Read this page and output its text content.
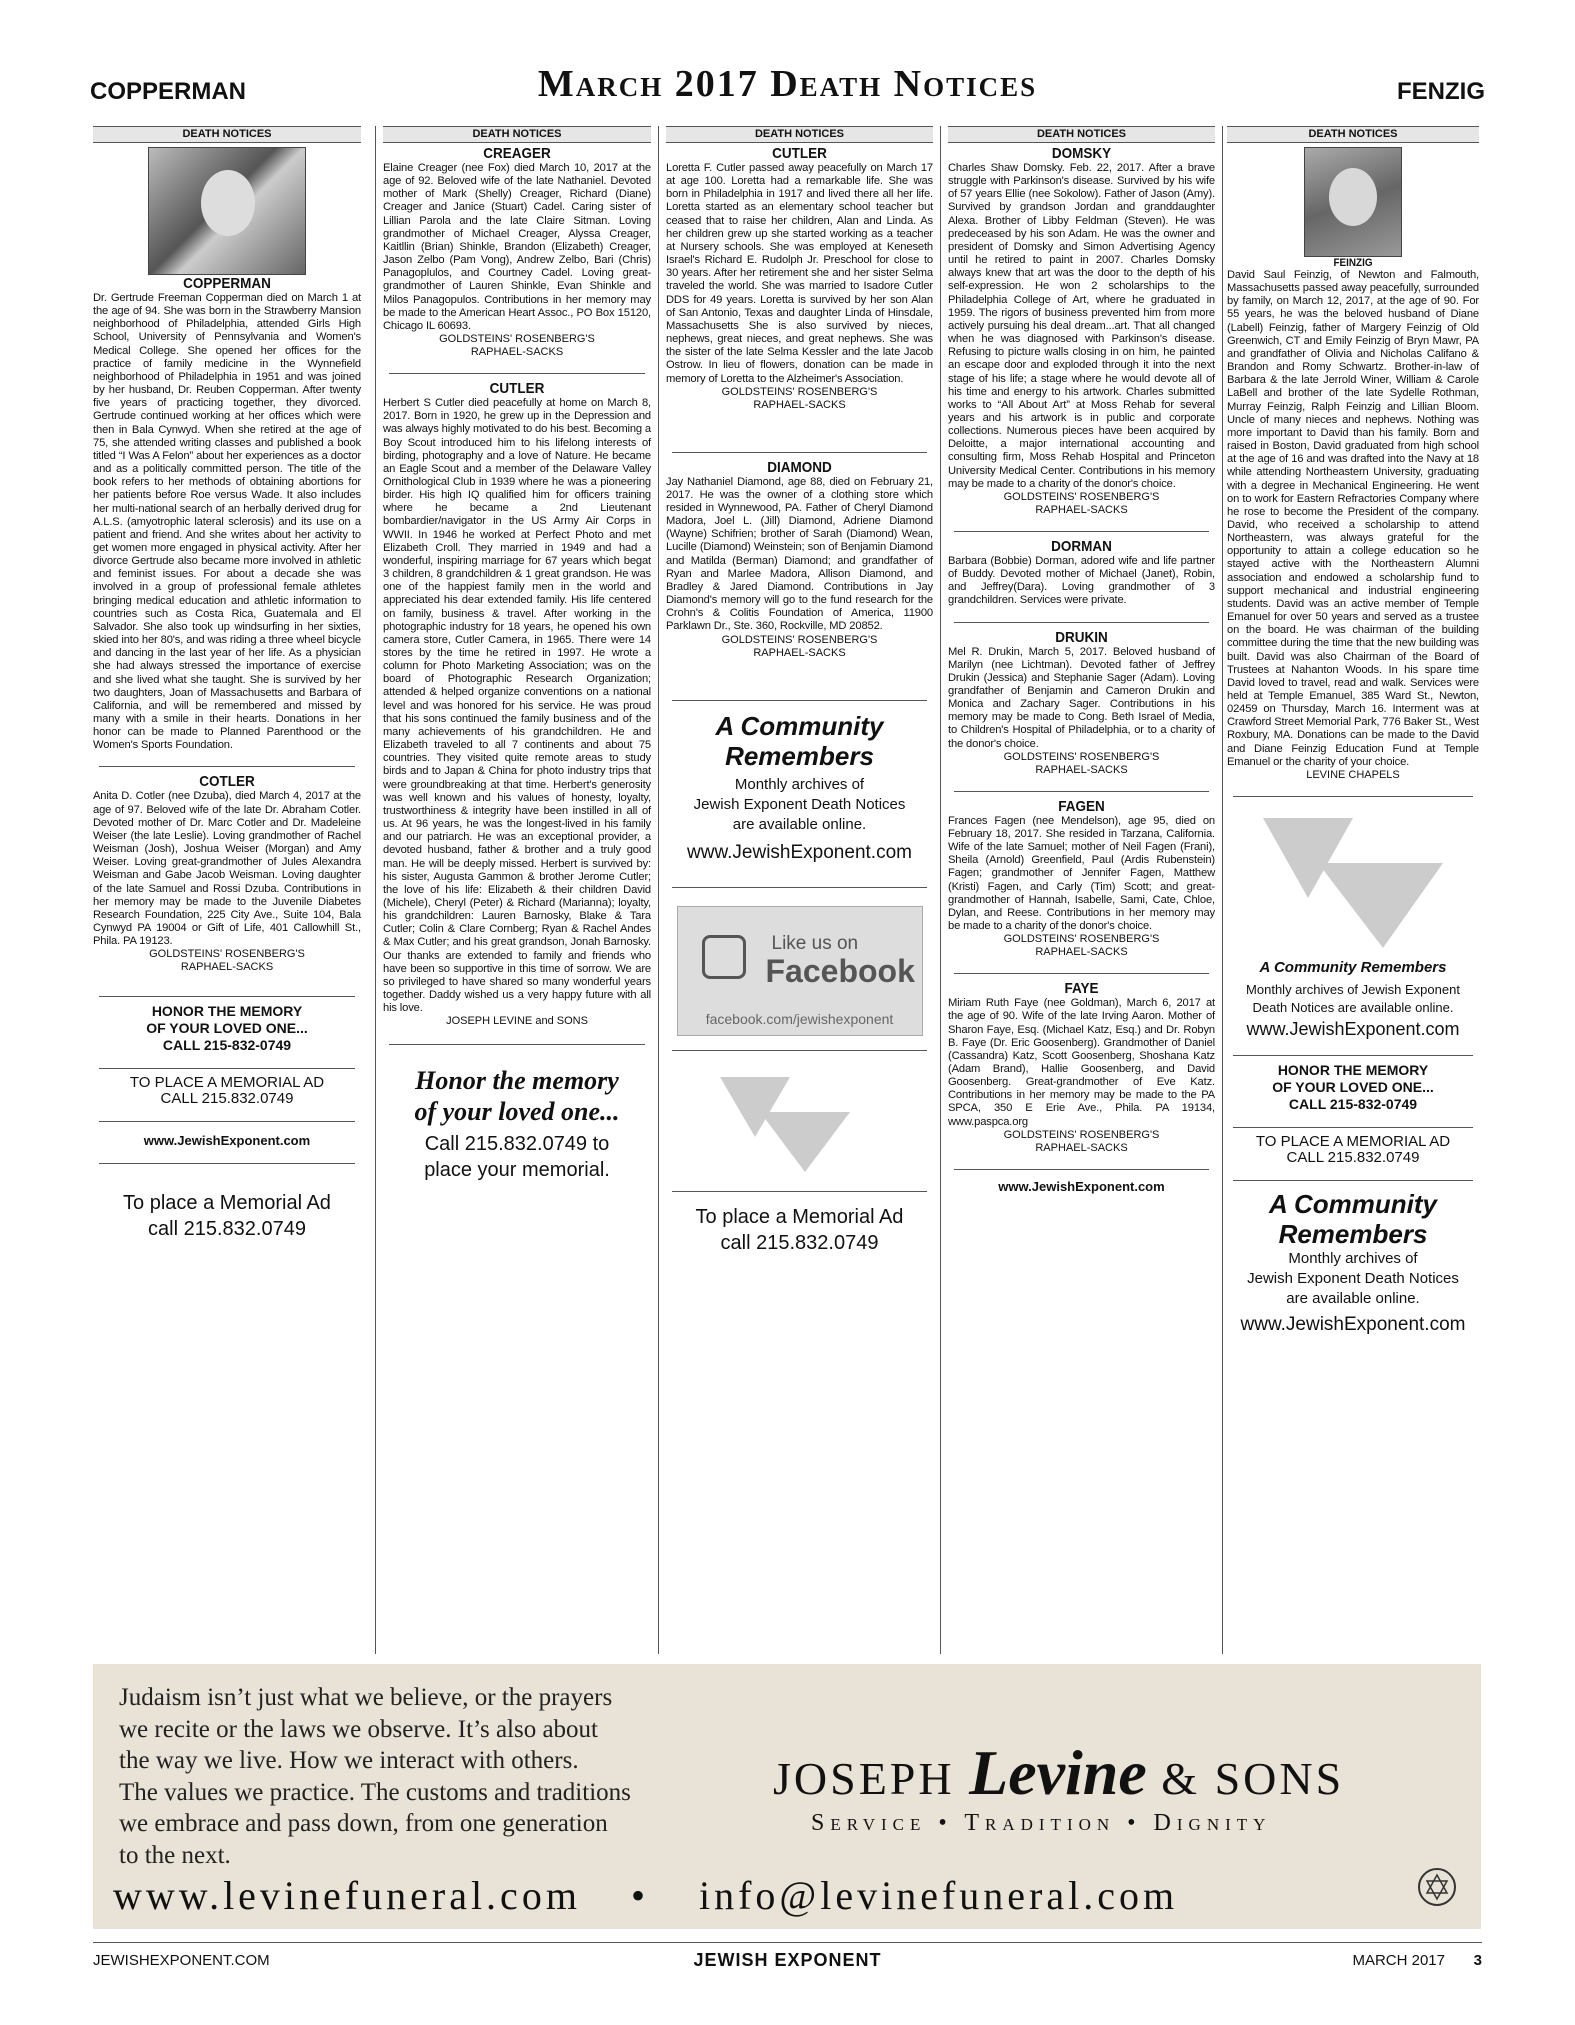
COPPERMAN	March 2017 Death Notices	FENZIG
DEATH NOTICES
COPPERMAN
Dr. Gertrude Freeman Copperman died on March 1 at the age of 94. She was born in the Strawberry Mansion neighborhood of Philadelphia, attended Girls High School, University of Pennsylvania and Women's Medical College. She opened her offices for the practice of family medicine in the Wynnefield neighborhood of Philadelphia in 1951 and was joined by her husband, Dr. Reuben Copperman. After twenty five years of practicing together, they divorced. Gertrude continued working at her offices which were then in Bala Cynwyd. When she retired at the age of 75, she attended writing classes and published a book titled “I Was A Felon” about her experiences as a doctor and as a politically committed person. The title of the book refers to her methods of obtaining abortions for her patients before Roe versus Wade. It also includes her multi-national search of an herbally derived drug for A.L.S. (amyotrophic lateral sclerosis) and its use on a patient and friend. And she writes about her activity to get women more engaged in physical activity. After her divorce Gertrude also became more involved in athletic and feminist issues. For about a decade she was involved in a group of professional female athletes bringing medical education and athletic information to countries such as Costa Rica, Guatemala and El Salvador. She also took up windsurfing in her sixties, skied into her 80's, and was riding a three wheel bicycle and dancing in the last year of her life. As a physician she had always stressed the importance of exercise and she lived what she taught. She is survived by her two daughters, Joan of Massachusetts and Barbara of California, and will be remembered and missed by many with a smile in their hearts. Donations in her honor can be made to Planned Parenthood or the Women's Sports Foundation.
COTLER
Anita D. Cotler (nee Dzuba), died March 4, 2017 at the age of 97. Beloved wife of the late Dr. Abraham Cotler. Devoted mother of Dr. Marc Cotler and Dr. Madeleine Weiser (the late Leslie). Loving grandmother of Rachel Weisman (Josh), Joshua Weiser (Morgan) and Amy Weiser. Loving great-grandmother of Jules Alexandra Weisman and Gabe Jacob Weisman. Loving daughter of the late Samuel and Rossi Dzuba. Contributions in her memory may be made to the Juvenile Diabetes Research Foundation, 225 City Ave., Suite 104, Bala Cynwyd PA 19004 or Gift of Life, 401 Callowhill St., Phila. PA 19123.
GOLDSTEINS' ROSENBERG'S
RAPHAEL-SACKS
HONOR THE MEMORY
OF YOUR LOVED ONE...
CALL 215-832-0749
TO PLACE A MEMORIAL AD
CALL 215.832.0749
www.JewishExponent.com
To place a Memorial Ad
call 215.832.0749
DEATH NOTICES
CREAGER
Elaine Creager (nee Fox) died March 10, 2017 at the age of 92. Beloved wife of the late Nathaniel. Devoted mother of Mark (Shelly) Creager, Richard (Diane) Creager and Janice (Stuart) Cadel. Caring sister of Lillian Parola and the late Claire Sitman. Loving grandmother of Michael Creager, Alyssa Creager, Kaitllin (Brian) Shinkle, Brandon (Elizabeth) Creager, Jason Zelbo (Pam Vong), Andrew Zelbo, Bari (Chris) Panagoplulos, and Courtney Cadel. Loving great-grandmother of Lauren Shinkle, Evan Shinkle and Milos Panagopulos. Contributions in her memory may be made to the American Heart Assoc., PO Box 15120, Chicago IL 60693.
GOLDSTEINS' ROSENBERG'S
RAPHAEL-SACKS
CUTLER
Herbert S Cutler died peacefully at home on March 8, 2017. Born in 1920, he grew up in the Depression and was always highly motivated to do his best. Becoming a Boy Scout introduced him to his lifelong interests of birding, photography and a love of Nature. He became an Eagle Scout and a member of the Delaware Valley Ornithological Club in 1939 where he was a pioneering birder. His high IQ qualified him for officers training where he became a 2nd Lieutenant bombardier/navigator in the US Army Air Corps in WWII. In 1946 he worked at Perfect Photo and met Elizabeth Croll. They married in 1949 and had a wonderful, inspiring marriage for 67 years which begat 3 children, 8 grandchildren & 1 great grandson. He was one of the happiest family men in the world and appreciated his dear extended family. His life centered on family, business & travel. After working in the photographic industry for 18 years, he opened his own camera store, Cutler Camera, in 1965. There were 14 stores by the time he retired in 1997. He wrote a column for Photo Marketing Association; was on the board of Photographic Research Organization; attended & helped organize conventions on a national level and was honored for his service. He was proud that his sons continued the family business and of the many achievements of his grandchildren. He and Elizabeth traveled to all 7 continents and about 75 countries. They visited quite remote areas to study birds and to Japan & China for photo industry trips that were groundbreaking at that time. Herbert's generosity was well known and his values of honesty, loyalty, trustworthiness & integrity have been instilled in all of us. At 96 years, he was the longest-lived in his family and our patriarch. He was an exceptional provider, a devoted husband, father & brother and a truly good man. He will be deeply missed. Herbert is survived by: his sister, Augusta Gammon & brother Jerome Cutler; the love of his life: Elizabeth & their children David (Michele), Cheryl (Peter) & Richard (Marianna); loyalty, his grandchildren: Lauren Barnosky, Blake & Tara Cutler; Colin & Clare Cornberg; Ryan & Rachel Andes & Max Cutler; and his great grandson, Jonah Barnosky. Our thanks are extended to family and friends who have been so supportive in this time of sorrow. We are so privileged to have shared so many wonderful years together. Daddy wished us a very happy future with all his love.
JOSEPH LEVINE and SONS
Honor the memory
of your loved one...
Call 215.832.0749 to
place your memorial.
DEATH NOTICES
CUTLER
Loretta F. Cutler passed away peacefully on March 17 at age 100. Loretta had a remarkable life. She was born in Philadelphia in 1917 and lived there all her life. Loretta started as an elementary school teacher but ceased that to raise her children, Alan and Linda. As her children grew up she started working as a teacher at Nursery schools. She was employed at Keneseth Israel's Richard E. Rudolph Jr. Preschool for close to 30 years. After her retirement she and her sister Selma traveled the world. She was married to Isadore Cutler DDS for 49 years. Loretta is survived by her son Alan of San Antonio, Texas and daughter Linda of Hinsdale, Massachusetts She is also survived by nieces, nephews, great nieces, and great nephews. She was the sister of the late Selma Kessler and the late Jacob Ostrow. In lieu of flowers, donation can be made in memory of Loretta to the Alzheimer's Association.
GOLDSTEINS' ROSENBERG'S
RAPHAEL-SACKS
DIAMOND
Jay Nathaniel Diamond, age 88, died on February 21, 2017. He was the owner of a clothing store which resided in Wynnewood, PA. Father of Cheryl Diamond Madora, Joel L. (Jill) Diamond, Adriene Diamond (Wayne) Schifrien; brother of Sarah (Diamond) Wean, Lucille (Diamond) Weinstein; son of Benjamin Diamond and Matilda (Berman) Diamond; and grandfather of Ryan and Marlee Madora, Allison Diamond, and Bradley & Jared Diamond. Contributions in Jay Diamond's memory will go to the fund research for the Crohn's & Colitis Foundation of America, 11900 Parklawn Dr., Ste. 360, Rockville, MD 20852.
GOLDSTEINS' ROSENBERG'S
RAPHAEL-SACKS
A Community
Remembers
Monthly archives of
Jewish Exponent Death Notices
are available online.
www.JewishExponent.com
Like us on
Facebook
facebook.com/jewishexponent
To place a Memorial Ad
call 215.832.0749
DEATH NOTICES
DOMSKY
Charles Shaw Domsky. Feb. 22, 2017. After a brave struggle with Parkinson's disease. Survived by his wife of 57 years Ellie (nee Sokolow). Father of Jason (Amy). Survived by grandson Jordan and granddaughter Alexa. Brother of Libby Feldman (Steven). He was predeceased by his son Adam. He was the owner and president of Domsky and Simon Advertising Agency until he retired to paint in 2007. Charles Domsky always knew that art was the door to the depth of his self-expression. He won 2 scholarships to the Philadelphia College of Art, where he graduated in 1959. The rigors of business prevented him from more actively pursuing his deal dream...art. That all changed when he was diagnosed with Parkinson's disease. Refusing to picture walls closing in on him, he painted an escape door and exploded through it into the next stage of his life; a stage where he would devote all of his time and energy to his artwork. Charles submitted works to “All About Art” at Moss Rehab for several years and his artwork is in public and corporate collections. Numerous pieces have been acquired by Deloitte, a major international accounting and consulting firm, Moss Rehab Hospital and Princeton University Medical Center. Contributions in his memory may be made to a charity of the donor's choice.
GOLDSTEINS' ROSENBERG'S
RAPHAEL-SACKS
DORMAN
Barbara (Bobbie) Dorman, adored wife and life partner of Buddy. Devoted mother of Michael (Janet), Robin, and Jeffrey(Dara). Loving grandmother of 3 grandchildren. Services were private.
DRUKIN
Mel R. Drukin, March 5, 2017. Beloved husband of Marilyn (nee Lichtman). Devoted father of Jeffrey Drukin (Jessica) and Stephanie Sager (Adam). Loving grandfather of Benjamin and Cameron Drukin and Monica and Zachary Sager. Contributions in his memory may be made to Cong. Beth Israel of Media, to Children's Hospital of Philadelphia, or to a charity of the donor's choice.
GOLDSTEINS' ROSENBERG'S
RAPHAEL-SACKS
FAGEN
Frances Fagen (nee Mendelson), age 95, died on February 18, 2017. She resided in Tarzana, California. Wife of the late Samuel; mother of Neil Fagen (Frani), Sheila (Arnold) Greenfield, Paul (Ardis Rubenstein) Fagen; grandmother of Jennifer Fagen, Matthew (Kristi) Fagen, and Carly (Tim) Scott; and great-grandmother of Hannah, Isabelle, Sami, Cate, Chloe, Dylan, and Reese. Contributions in her memory may be made to a charity of the donor's choice.
GOLDSTEINS' ROSENBERG'S
RAPHAEL-SACKS
FAYE
Miriam Ruth Faye (nee Goldman), March 6, 2017 at the age of 90. Wife of the late Irving Aaron. Mother of Sharon Faye, Esq. (Michael Katz, Esq.) and Dr. Robyn B. Faye (Dr. Eric Goosenberg). Grandmother of Daniel (Cassandra) Katz, Scott Goosenberg, Shoshana Katz (Adam Brand), Hallie Goosenberg, and David Goosenberg. Great-grandmother of Eve Katz. Contributions in her memory may be made to the PA SPCA, 350 E Erie Ave., Phila. PA 19134, www.paspca.org
GOLDSTEINS' ROSENBERG'S
RAPHAEL-SACKS
www.JewishExponent.com
DEATH NOTICES
FEINZIG
David Saul Feinzig, of Newton and Falmouth, Massachusetts passed away peacefully, surrounded by family, on March 12, 2017, at the age of 90. For 55 years, he was the beloved husband of Diane (Labell) Feinzig, father of Margery Feinzig of Old Greenwich, CT and Emily Feinzig of Bryn Mawr, PA and grandfather of Olivia and Nicholas Califano & Brandon and Romy Schwartz. Brother-in-law of Barbara & the late Jerrold Winer, William & Carole LaBell and brother of the late Sydelle Rothman, Murray Feinzig, Ralph Feinzig and Lillian Bloom. Uncle of many nieces and nephews. Nothing was more important to David than his family. Born and raised in Boston, David graduated from high school at the age of 16 and was drafted into the Navy at 18 while attending Northeastern University, graduating with a degree in Mechanical Engineering. He went on to work for Eastern Refractories Company where he rose to become the President of the company. David, who received a scholarship to attend Northeastern, was always grateful for the opportunity to attain a college education so he stayed active with the Northeastern Alumni association and endowed a scholarship fund to support mechanical and industrial engineering students. David was an active member of Temple Emanuel for over 50 years and served as a trustee on the board. He was chairman of the building committee during the time that the new building was built. David was also Chairman of the Board of Trustees at Nahanton Woods. In his spare time David loved to travel, read and walk. Services were held at Temple Emanuel, 385 Ward St., Newton, 02459 on Thursday, March 16. Interment was at Crawford Street Memorial Park, 776 Baker St., West Roxbury, MA. Donations can be made to the David and Diane Feinzig Education Fund at Temple Emanuel or the charity of your choice.
LEVINE CHAPELS
A Community Remembers
Monthly archives of Jewish Exponent
Death Notices are available online.
www.JewishExponent.com
HONOR THE MEMORY
OF YOUR LOVED ONE...
CALL 215-832-0749
TO PLACE A MEMORIAL AD
CALL 215.832.0749
A Community
Remembers
Monthly archives of
Jewish Exponent Death Notices
are available online.
www.JewishExponent.com
Judaism isn’t just what we believe, or the prayers
we recite or the laws we observe. It’s also about
the way we live. How we interact with others.
The values we practice. The customs and traditions
we embrace and pass down, from one generation
to the next.
JOSEPH Levine & SONS
Service • Tradition • Dignity
www.levinefuneral.com • info@levinefuneral.com
JEWISHEXPONENT.COM	JEWISH EXPONENT	MARCH 2017 3
